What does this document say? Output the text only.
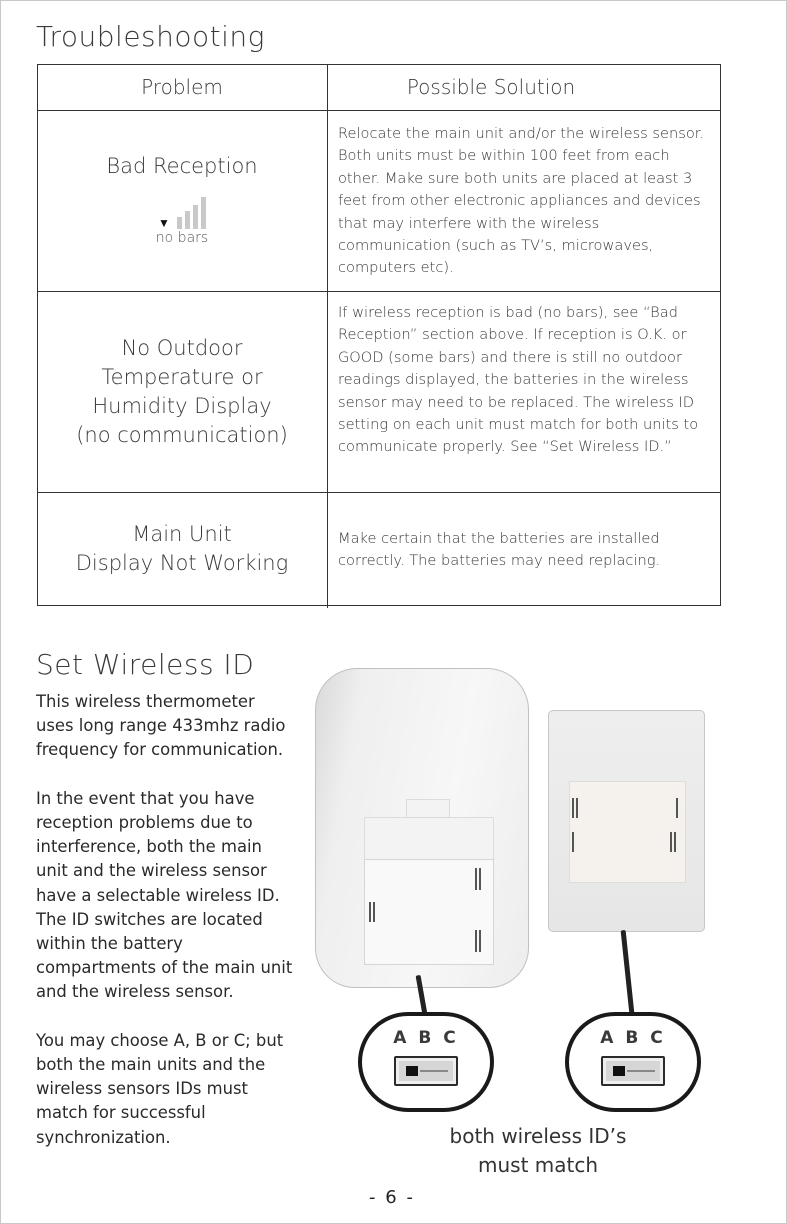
Troubleshooting
Problem	Possible Solution
Bad Reception
▼
no bars
Relocate the main unit and/or the wireless sensor. Both units must be within 100 feet from each other. Make sure both units are placed at least 3 feet from other electronic appliances and devices that may interfere with the wireless communication (such as TV’s, microwaves, computers etc).
No Outdoor
Temperature or
Humidity Display
(no communication)
If wireless reception is bad (no bars), see “Bad Reception” section above. If reception is O.K. or GOOD (some bars) and there is still no outdoor readings displayed, the batteries in the wireless sensor may need to be replaced. The wireless ID setting on each unit must match for both units to communicate properly. See “Set Wireless ID.”
Main Unit
Display Not Working
Make certain that the batteries are installed correctly. The batteries may need replacing.
Set Wireless ID

This wireless thermometer uses long range 433mhz radio frequency for communication.

In the event that you have reception problems due to interference, both the main unit and the wireless sensor have a selectable wireless ID. The ID switches are located within the battery compartments of the main unit and the wireless sensor.

You may choose A, B or C; but both the main units and the wireless sensors IDs must match for successful synchronization.

A B C	A B C
both wireless ID’s
must match
- 6 -
